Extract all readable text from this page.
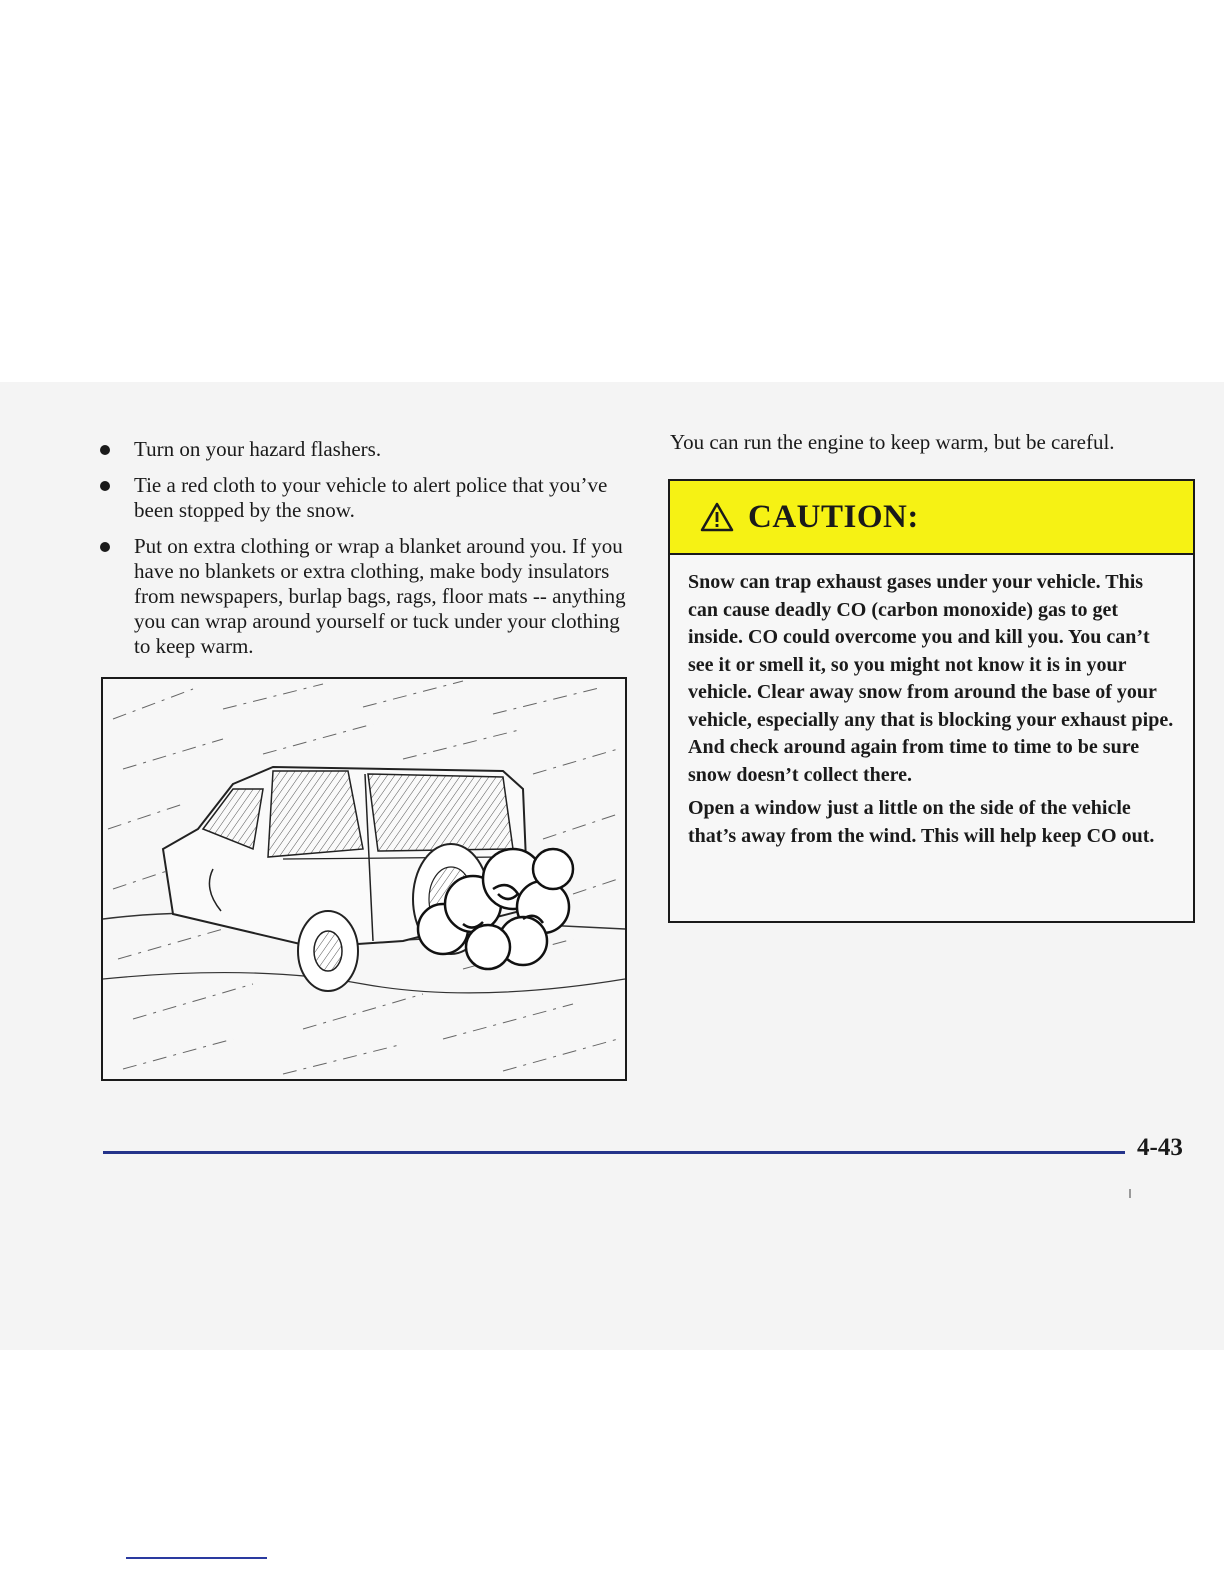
Turn on your hazard flashers.
Tie a red cloth to your vehicle to alert police that you’ve been stopped by the snow.
Put on extra clothing or wrap a blanket around you. If you have no blankets or extra clothing, make body insulators from newspapers, burlap bags, rags, floor mats -- anything you can wrap around yourself or tuck under your clothing to keep warm.

You can run the engine to keep warm, but be careful.

CAUTION:

Snow can trap exhaust gases under your vehicle. This can cause deadly CO (carbon monoxide) gas to get inside. CO could overcome you and kill you. You can’t see it or smell it, so you might not know it is in your vehicle. Clear away snow from around the base of your vehicle, especially any that is blocking your exhaust pipe. And check around again from time to time to be sure snow doesn’t collect there.

Open a window just a little on the side of the vehicle that’s away from the wind. This will help keep CO out.

4-43
